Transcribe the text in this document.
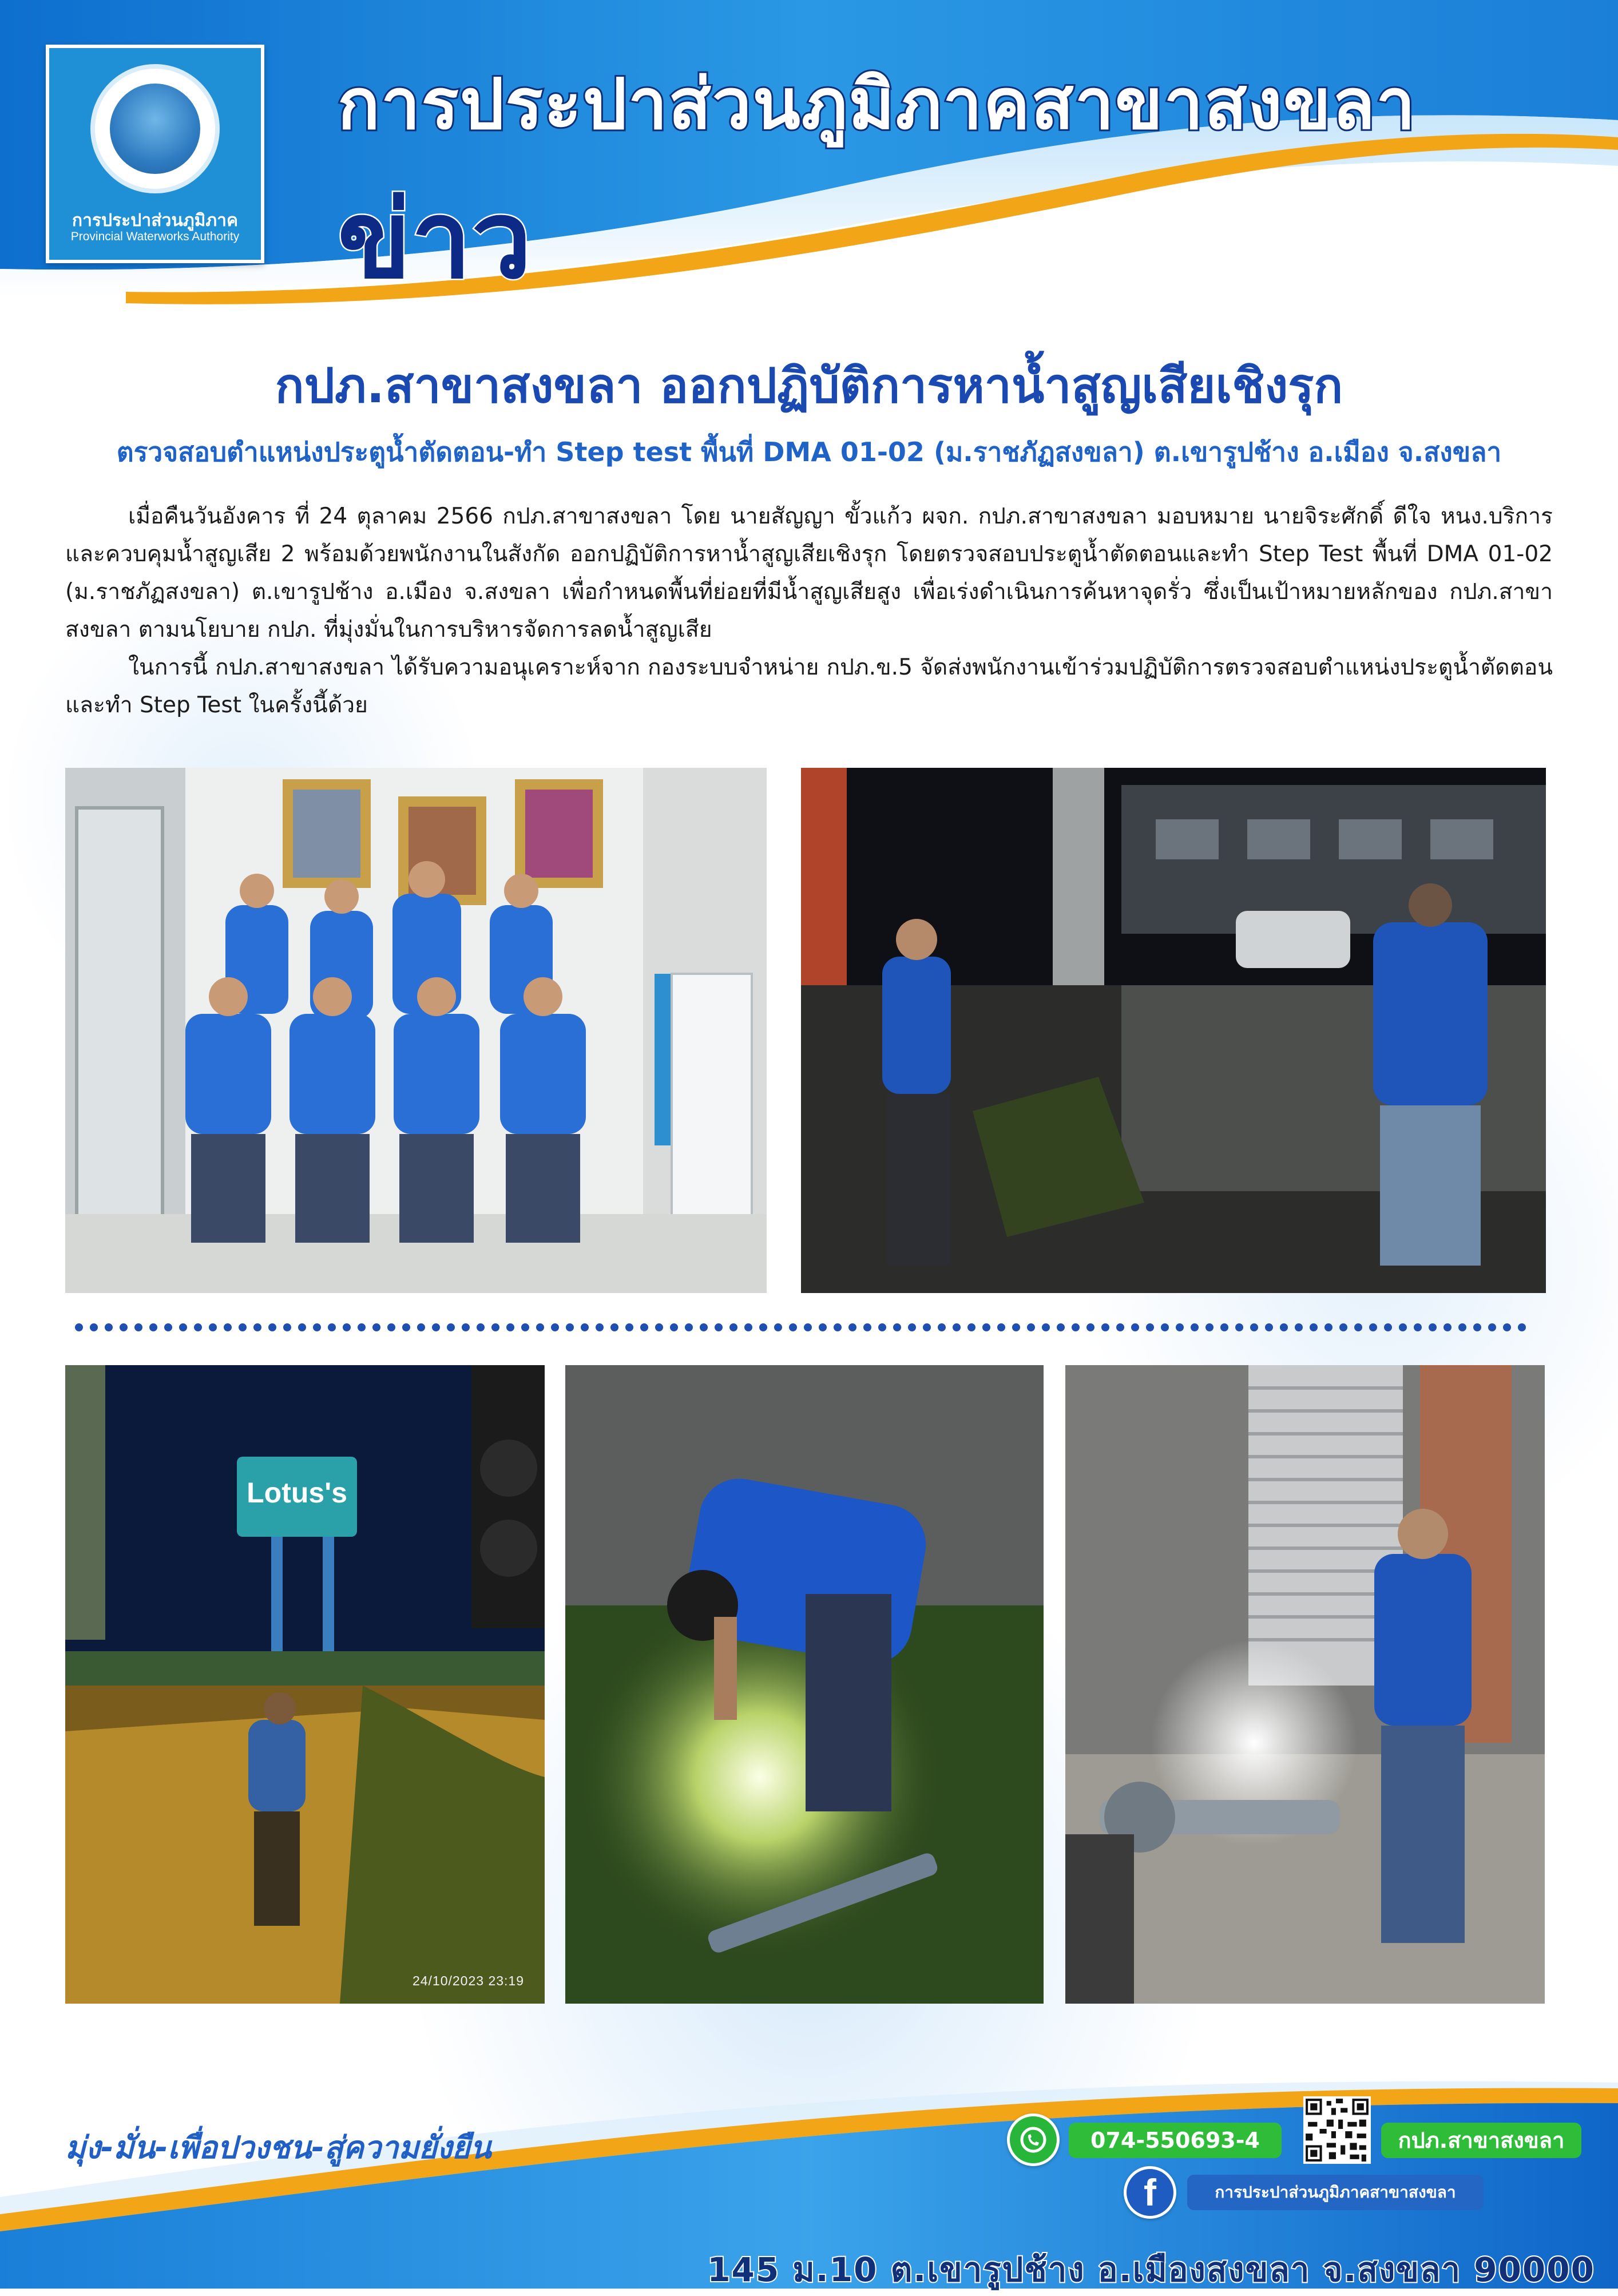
การประปาส่วนภูมิภาค
Provincial Waterworks Authority
การประปาส่วนภูมิภาคสาขาสงขลา
ข่าว
กปภ.สาขาสงขลา ออกปฏิบัติการหาน้ำสูญเสียเชิงรุก
ตรวจสอบตำแหน่งประตูน้ำตัดตอน-ทำ Step test พื้นที่ DMA 01-02 (ม.ราชภัฏสงขลา) ต.เขารูปช้าง อ.เมือง จ.สงขลา

เมื่อคืนวันอังคาร ที่ 24 ตุลาคม 2566 กปภ.สาขาสงขลา โดย นายสัญญา ขั้วแก้ว ผจก. กปภ.สาขาสงขลา มอบหมาย นายจิระศักดิ์ ดีใจ หนง.บริการและควบคุมน้ำสูญเสีย 2 พร้อมด้วยพนักงานในสังกัด ออกปฏิบัติการหาน้ำสูญเสียเชิงรุก โดยตรวจสอบประตูน้ำตัดตอนและทำ Step Test พื้นที่ DMA 01-02 (ม.ราชภัฏสงขลา) ต.เขารูปช้าง อ.เมือง จ.สงขลา เพื่อกำหนดพื้นที่ย่อยที่มีน้ำสูญเสียสูง เพื่อเร่งดำเนินการค้นหาจุดรั่ว ซึ่งเป็นเป้าหมายหลักของ กปภ.สาขาสงขลา ตามนโยบาย กปภ. ที่มุ่งมั่นในการบริหารจัดการลดน้ำสูญเสีย

ในการนี้ กปภ.สาขาสงขลา ได้รับความอนุเคราะห์จาก กองระบบจำหน่าย กปภ.ข.5 จัดส่งพนักงานเข้าร่วมปฏิบัติการตรวจสอบตำแหน่งประตูน้ำตัดตอนและทำ Step Test ในครั้งนี้ด้วย

Lotus's
24/10/2023 23:19
มุ่ง-มั่น-เพื่อปวงชน-สู่ความยั่งยืน	074-550693-4	กปภ.สาขาสงขลา
f	การประปาส่วนภูมิภาคสาขาสงขลา
145 ม.10 ต.เขารูปช้าง อ.เมืองสงขลา จ.สงขลา 90000
